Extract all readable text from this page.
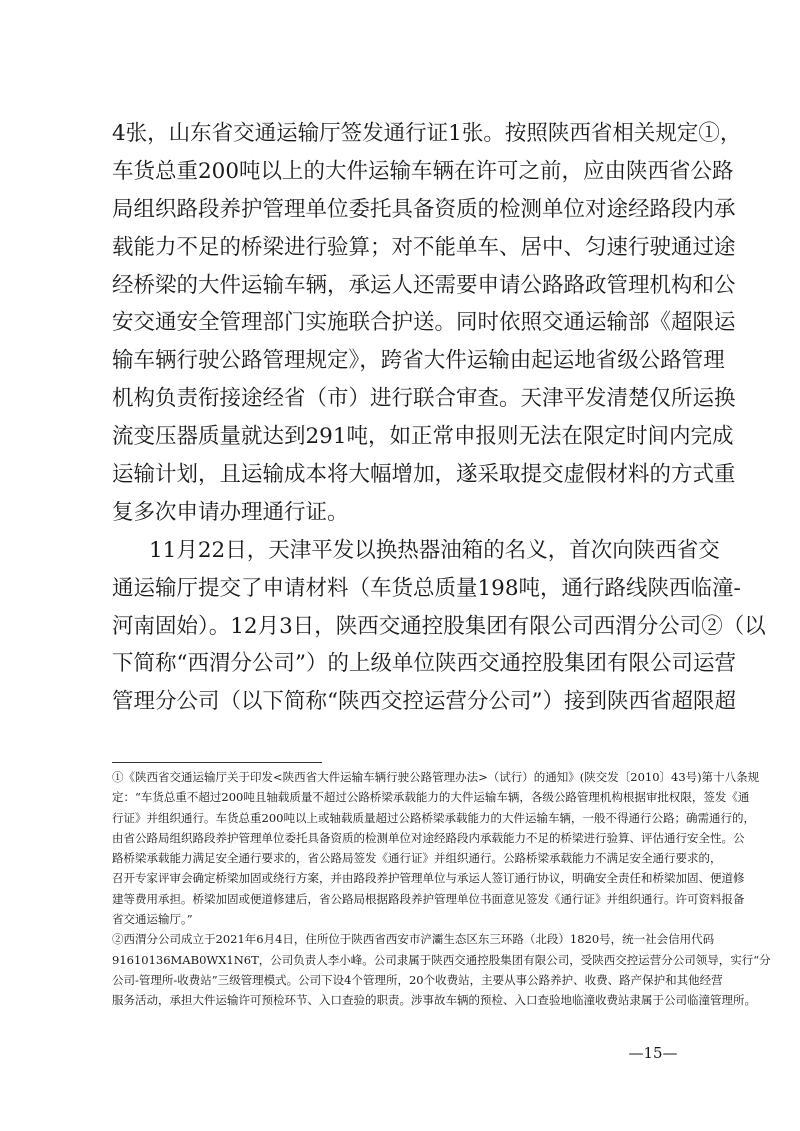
4张，山东省交通运输厅签发通行证1张。按照陕西省相关规定①，
车货总重200吨以上的大件运输车辆在许可之前，应由陕西省公路
局组织路段养护管理单位委托具备资质的检测单位对途经路段内承
载能力不足的桥梁进行验算；对不能单车、居中、匀速行驶通过途
经桥梁的大件运输车辆，承运人还需要申请公路路政管理机构和公
安交通安全管理部门实施联合护送。同时依照交通运输部《超限运
输车辆行驶公路管理规定》，跨省大件运输由起运地省级公路管理
机构负责衔接途经省（市）进行联合审查。天津平发清楚仅所运换
流变压器质量就达到291吨，如正常申报则无法在限定时间内完成
运输计划，且运输成本将大幅增加，遂采取提交虚假材料的方式重
复多次申请办理通行证。
11月22日，天津平发以换热器油箱的名义，首次向陕西省交
通运输厅提交了申请材料（车货总质量198吨，通行路线陕西临潼-
河南固始）。12月3日，陕西交通控股集团有限公司西渭分公司②（以
下简称“西渭分公司”）的上级单位陕西交通控股集团有限公司运营
管理分公司（以下简称“陕西交控运营分公司”）接到陕西省超限超
①《陕西省交通运输厅关于印发<陕西省大件运输车辆行驶公路管理办法>（试行）的通知》(陕交发〔2010〕43号)第十八条规
定：“车货总重不超过200吨且轴载质量不超过公路桥梁承载能力的大件运输车辆，各级公路管理机构根据审批权限，签发《通
行证》并组织通行。车货总重200吨以上或轴载质量超过公路桥梁承载能力的大件运输车辆，一般不得通行公路；确需通行的，
由省公路局组织路段养护管理单位委托具备资质的检测单位对途经路段内承载能力不足的桥梁进行验算、评估通行安全性。公
路桥梁承载能力满足安全通行要求的，省公路局签发《通行证》并组织通行。公路桥梁承载能力不满足安全通行要求的，
召开专家评审会确定桥梁加固或绕行方案，并由路段养护管理单位与承运人签订通行协议，明确安全责任和桥梁加固、便道修
建等费用承担。桥梁加固或便道修建后，省公路局根据路段养护管理单位书面意见签发《通行证》并组织通行。许可资料报备
省交通运输厅。”
②西渭分公司成立于2021年6月4日，住所位于陕西省西安市浐灞生态区东三环路（北段）1820号，统一社会信用代码
91610136MAB0WX1N6T，公司负责人李小峰。公司隶属于陕西交通控股集团有限公司，受陕西交控运营分公司领导，实行“分
公司-管理所-收费站”三级管理模式。公司下设4个管理所，20个收费站，主要从事公路养护、收费、路产保护和其他经营
服务活动，承担大件运输许可预检环节、入口查验的职责。涉事故车辆的预检、入口查验地临潼收费站隶属于公司临潼管理所。
—15—
